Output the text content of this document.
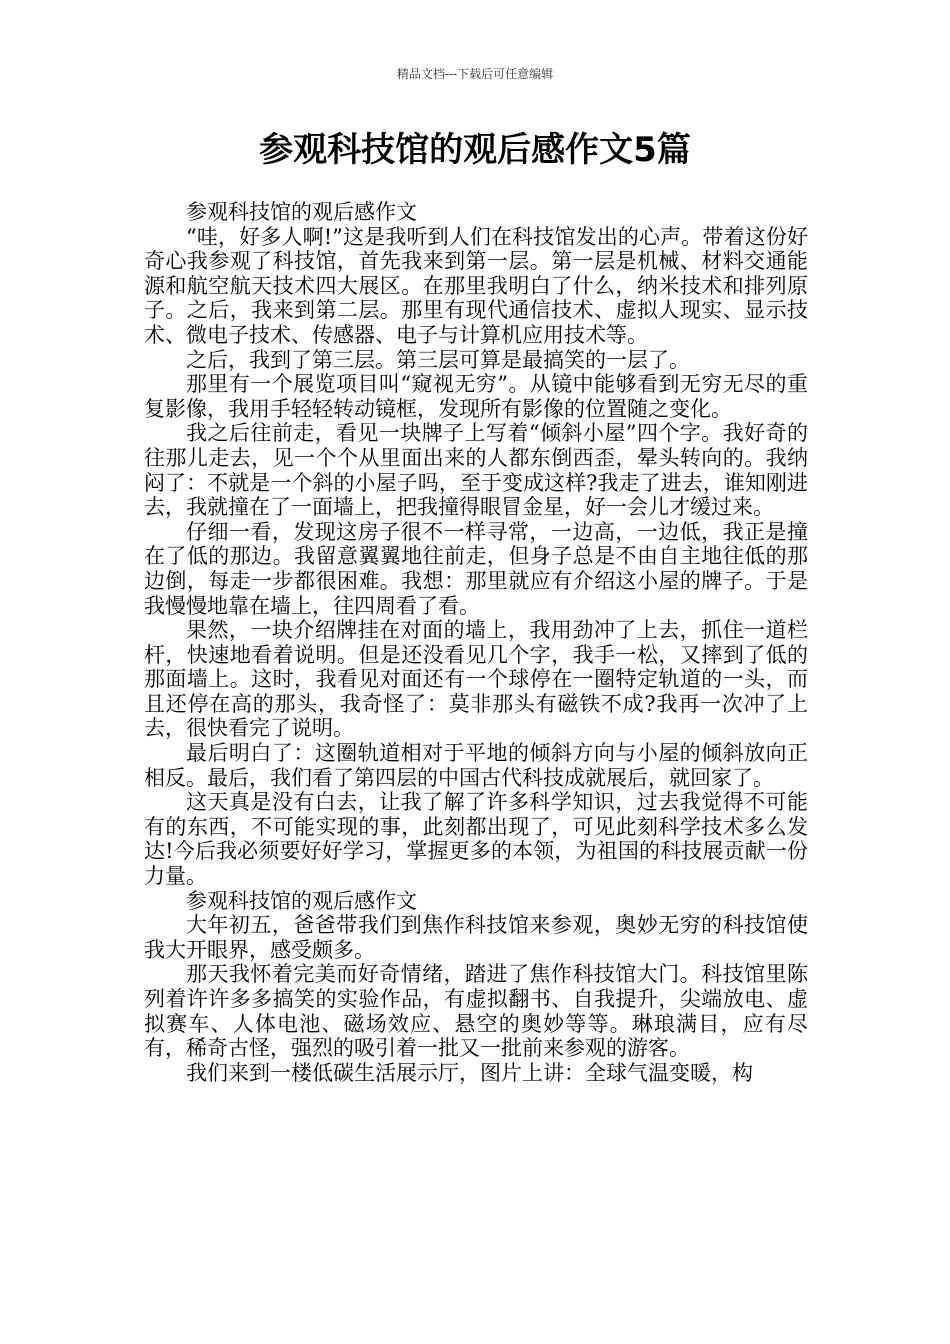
精品文档---下载后可任意编辑
参观科技馆的观后感作文5篇

参观科技馆的观后感作文

“哇，好多人啊!”这是我听到人们在科技馆发出的心声。带着这份好奇心我参观了科技馆，首先我来到第一层。第一层是机械、材料交通能源和航空航天技术四大展区。在那里我明白了什么，纳米技术和排列原子。之后，我来到第二层。那里有现代通信技术、虚拟人现实、显示技术、微电子技术、传感器、电子与计算机应用技术等。

之后，我到了第三层。第三层可算是最搞笑的一层了。

那里有一个展览项目叫“窥视无穷”。从镜中能够看到无穷无尽的重复影像，我用手轻轻转动镜框，发现所有影像的位置随之变化。

我之后往前走，看见一块牌子上写着“倾斜小屋”四个字。我好奇的往那儿走去，见一个个从里面出来的人都东倒西歪，晕头转向的。我纳闷了：不就是一个斜的小屋子吗，至于变成这样?我走了进去，谁知刚进去，我就撞在了一面墙上，把我撞得眼冒金星，好一会儿才缓过来。

仔细一看，发现这房子很不一样寻常，一边高，一边低，我正是撞在了低的那边。我留意翼翼地往前走，但身子总是不由自主地往低的那边倒，每走一步都很困难。我想：那里就应有介绍这小屋的牌子。于是我慢慢地靠在墙上，往四周看了看。

果然，一块介绍牌挂在对面的墙上，我用劲冲了上去，抓住一道栏杆，快速地看着说明。但是还没看见几个字，我手一松，又摔到了低的那面墙上。这时，我看见对面还有一个球停在一圈特定轨道的一头，而且还停在高的那头，我奇怪了：莫非那头有磁铁不成?我再一次冲了上去，很快看完了说明。

最后明白了：这圈轨道相对于平地的倾斜方向与小屋的倾斜放向正相反。最后，我们看了第四层的中国古代科技成就展后，就回家了。

这天真是没有白去，让我了解了许多科学知识，过去我觉得不可能有的东西，不可能实现的事，此刻都出现了，可见此刻科学技术多么发达!今后我必须要好好学习，掌握更多的本领，为祖国的科技展贡献一份力量。

参观科技馆的观后感作文

大年初五，爸爸带我们到焦作科技馆来参观，奥妙无穷的科技馆使我大开眼界，感受颇多。

那天我怀着完美而好奇情绪，踏进了焦作科技馆大门。科技馆里陈列着许许多多搞笑的实验作品，有虚拟翻书、自我提升，尖端放电、虚拟赛车、人体电池、磁场效应、悬空的奥妙等等。琳琅满目，应有尽有，稀奇古怪，强烈的吸引着一批又一批前来参观的游客。

我们来到一楼低碳生活展示厅，图片上讲：全球气温变暖，构
